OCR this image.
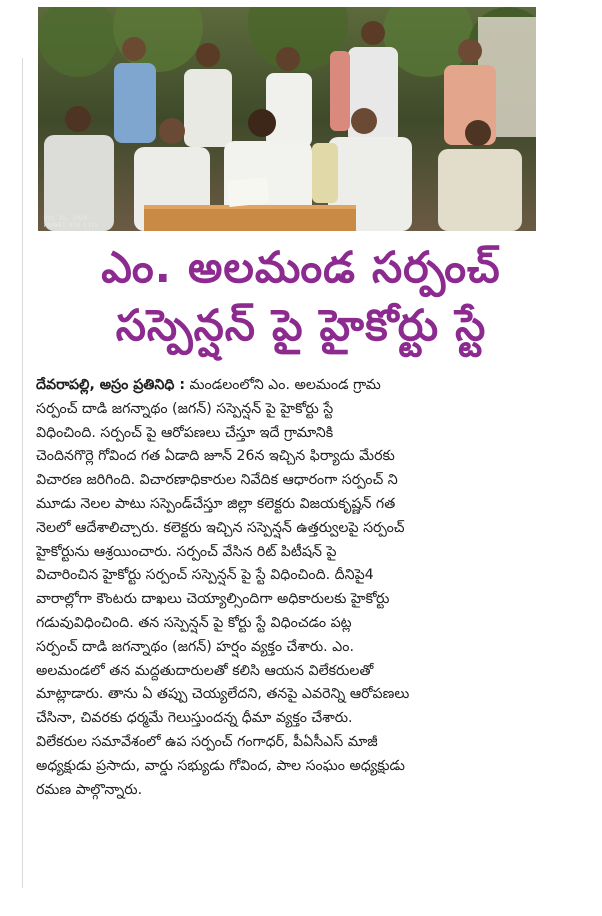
Oct 25, 2020
HUAWEI P10 Lite
ఎం. అలమండ సర్పంచ్
సస్పెన్షన్ పై హైకోర్టు స్టే
దేవరాపల్లి, అస్రం ప్రతినిధి : మండలంలోని ఎం. అలమండ గ్రామ
సర్పంచ్ దాడి జగన్నాథం (జగన్) సస్పెన్షన్ పై హైకోర్టు స్టే
విధించింది. సర్పంచ్ పై ఆరోపణలు చేస్తూ ఇదే గ్రామానికి
చెందినగొర్లె గోవింద గత ఏడాది జూన్ 26న ఇచ్చిన ఫిర్యాదు మేరకు
విచారణ జరిగింది. విచారణాధికారుల నివేదిక ఆధారంగా సర్పంచ్ ని
మూడు నెలల పాటు సస్పెండ్‌చేస్తూ జిల్లా కలెక్టరు విజయకృష్ణన్ గత
నెలలో ఆదేశాలిచ్చారు. కలెక్టరు ఇచ్చిన సస్పెన్షన్ ఉత్తర్వులపై సర్పంచ్
హైకోర్టును ఆశ్రయించారు. సర్పంచ్ వేసిన రిట్ పిటీషన్ పై
విచారించిన హైకోర్టు సర్పంచ్ సస్పెన్షన్ పై స్టే విధించింది. దీనిపై4
వారాల్లోగా కౌంటరు దాఖలు చెయ్యాల్సిందిగా అధికారులకు హైకోర్టు
గడువువిధించింది. తన సస్పెన్షన్ పై కోర్టు స్టే విధించడం పట్ల
సర్పంచ్ దాడి జగన్నాథం (జగన్) హర్షం వ్యక్తం చేశారు. ఎం.
అలమండలో తన మద్దతుదారులతో కలిసి ఆయన విలేకరులతో
మాట్లాడారు. తాను ఏ తప్పు చెయ్యలేదని, తనపై ఎవరెన్ని ఆరోపణలు
చేసినా, చివరకు ధర్మమే గెలుస్తుందన్న ధీమా వ్యక్తం చేశారు.
విలేకరుల సమావేశంలో ఉప సర్పంచ్ గంగాధర్, పీఏసీఎస్ మాజీ
అధ్యక్షుడు ప్రసాదు, వార్డు సభ్యుడు గోవింద, పాల సంఘం అధ్యక్షుడు
రమణ పాల్గొన్నారు.
